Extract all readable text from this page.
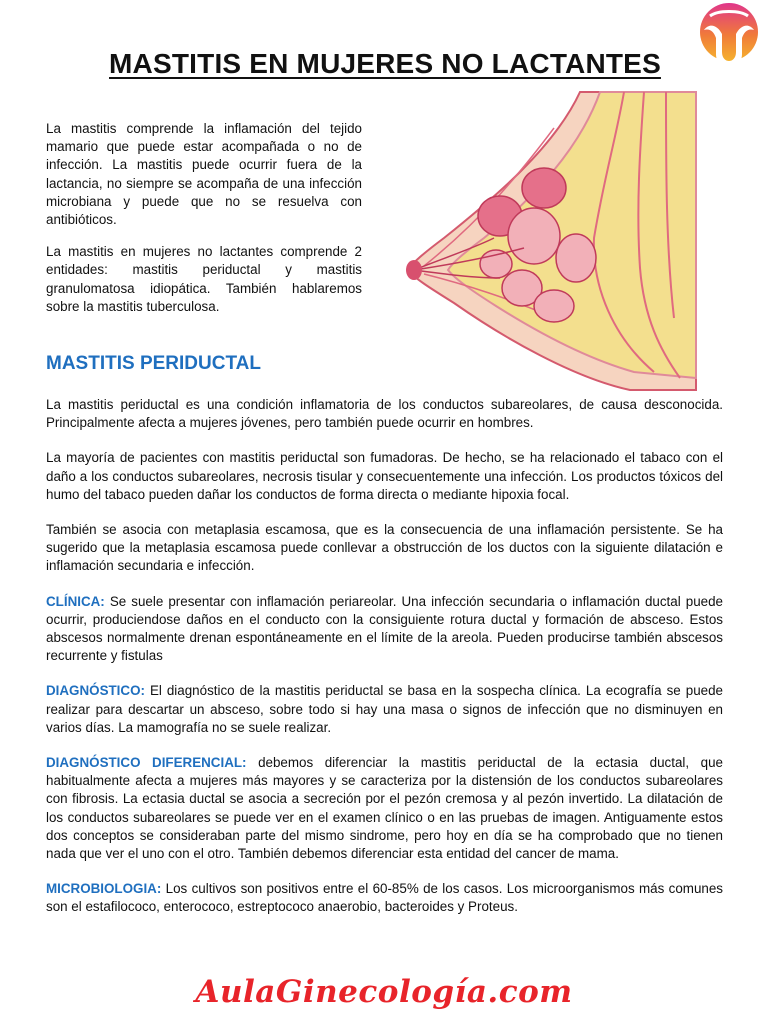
MASTITIS EN MUJERES NO LACTANTES

La mastitis comprende la inflamación del tejido mamario que puede estar acompañada o no de infección. La mastitis puede ocurrir fuera de la lactancia, no siempre se acompaña de una infección microbiana y puede que no se resuelva con antibióticos.

La mastitis en mujeres no lactantes comprende 2 entidades: mastitis periductal y mastitis granulomatosa idiopática. También hablaremos sobre la mastitis tuberculosa.

MASTITIS PERIDUCTAL

La mastitis periductal es una condición inflamatoria de los conductos subareolares, de causa desconocida. Principalmente afecta a mujeres jóvenes, pero también puede ocurrir en hombres.

La mayoría de pacientes con mastitis periductal son fumadoras. De hecho, se ha relacionado el tabaco con el daño a los conductos subareolares, necrosis tisular y consecuentemente una infección. Los productos tóxicos del humo del tabaco pueden dañar los conductos de forma directa o mediante hipoxia focal.

También se asocia con metaplasia escamosa, que es la consecuencia de una inflamación persistente. Se ha sugerido que la metaplasia escamosa puede conllevar a obstrucción de los ductos con la siguiente dilatación e inflamación secundaria e infección.

CLÍNICA: Se suele presentar con inflamación periareolar. Una infección secundaria o inflamación ductal puede ocurrir, produciendose daños en el conducto con la consiguiente rotura ductal y formación de absceso. Estos abscesos normalmente drenan espontáneamente en el límite de la areola. Pueden producirse también abscesos recurrente y fistulas

DIAGNÓSTICO: El diagnóstico de la mastitis periductal se basa en la sospecha clínica. La ecografía se puede realizar para descartar un absceso, sobre todo si hay una masa o signos de infección que no disminuyen en varios días. La mamografía no se suele realizar.

DIAGNÓSTICO DIFERENCIAL: debemos diferenciar la mastitis periductal de la ectasia ductal, que habitualmente afecta a mujeres más mayores y se caracteriza por la distensión de los conductos subareolares con fibrosis. La ectasia ductal se asocia a secreción por el pezón cremosa y al pezón invertido. La dilatación de los conductos subareolares se puede ver en el examen clínico o en las pruebas de imagen. Antiguamente estos dos conceptos se consideraban parte del mismo sindrome, pero hoy en día se ha comprobado que no tienen nada que ver el uno con el otro. También debemos diferenciar esta entidad del cancer de mama.

MICROBIOLOGIA: Los cultivos son positivos entre el 60-85% de los casos. Los microorganismos más comunes son el estafilococo, enterococo, estreptococo anaerobio, bacteroides y Proteus.

AulaGinecología.com
